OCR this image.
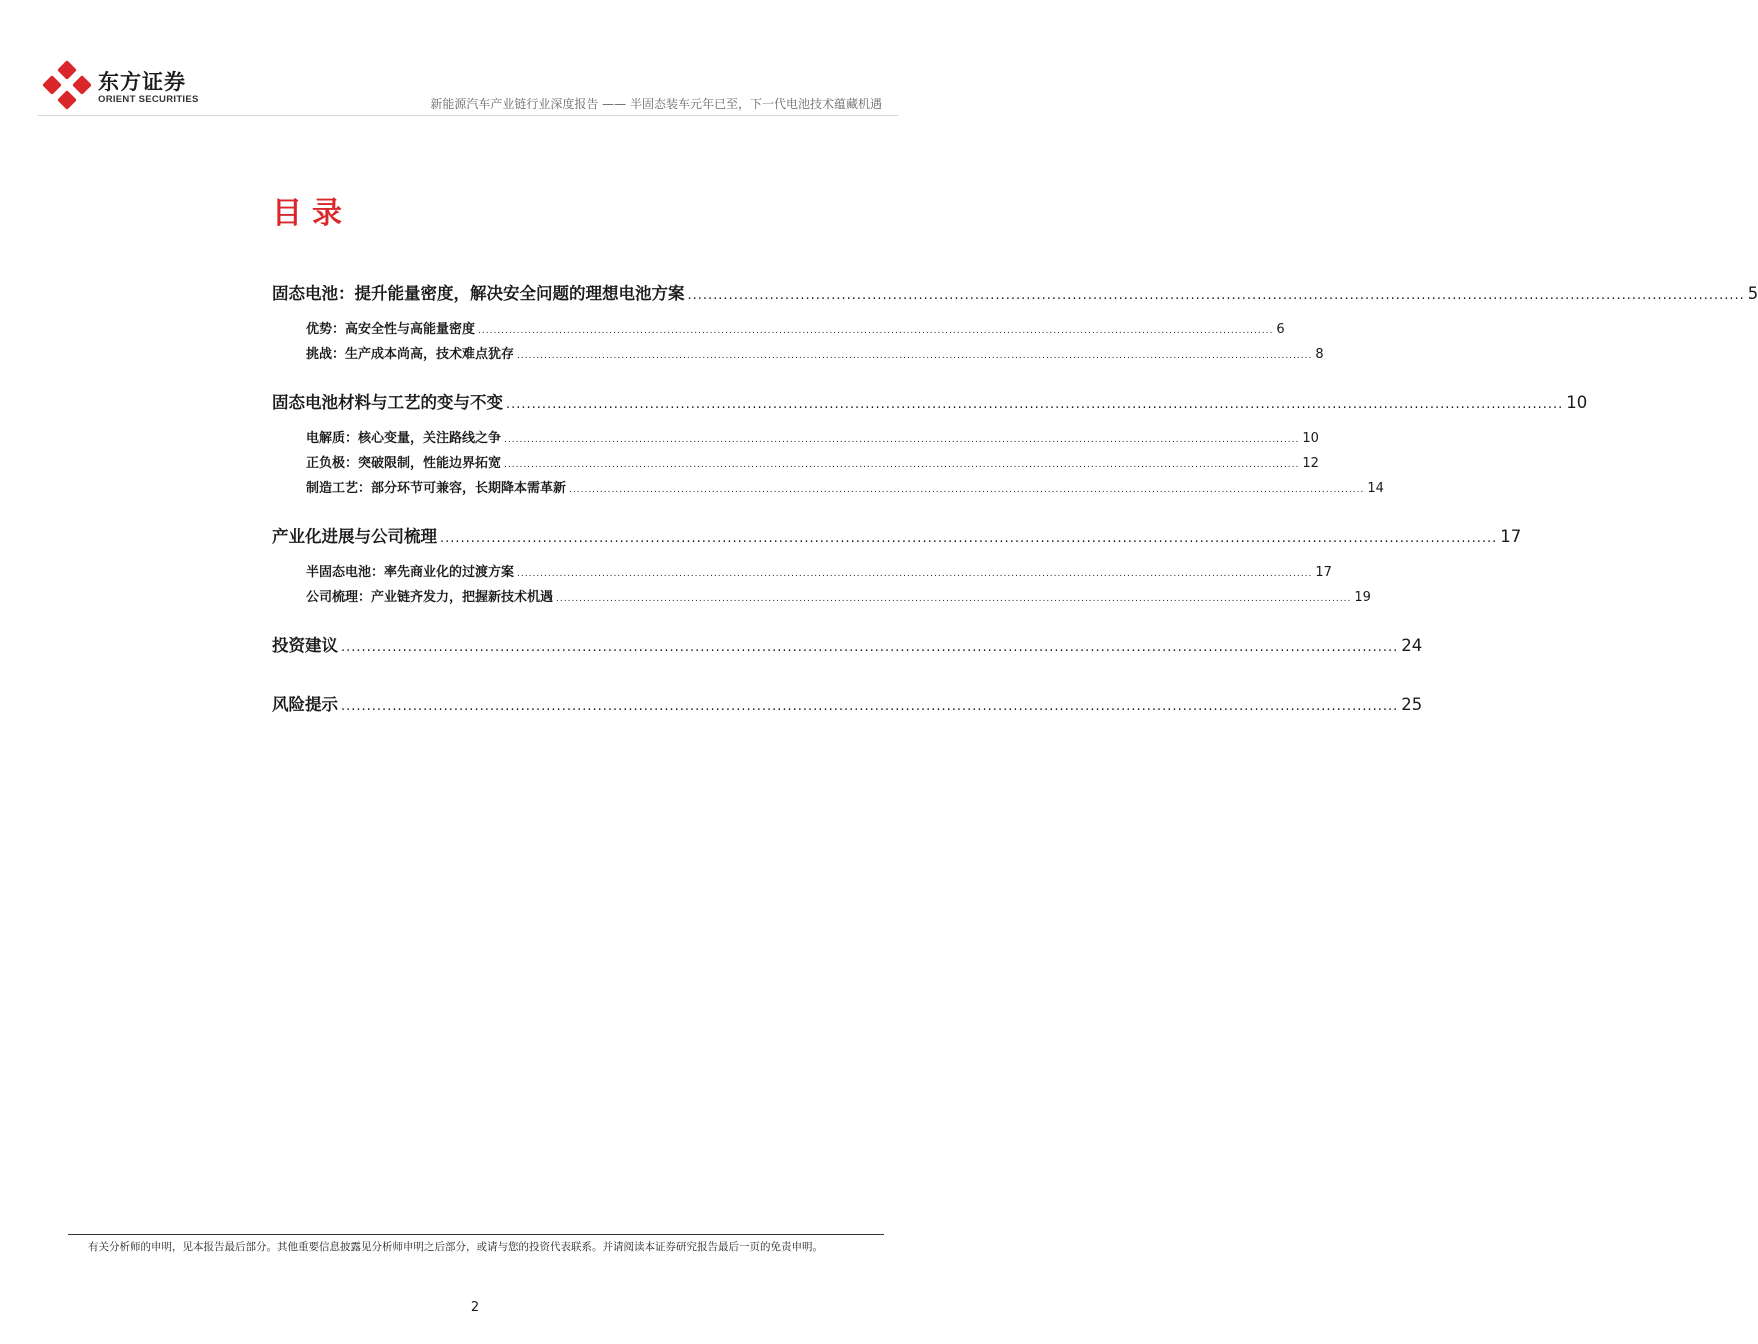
东方证券
ORIENT SECURITIES	新能源汽车产业链行业深度报告 —— 半固态装车元年已至，下一代电池技术蕴藏机遇
目录
固态电池：提升能量密度，解决安全问题的理想电池方案 .............................................................................................................................................................................................................. 5
优势：高安全性与高能量密度 .............................................................................................................................................................................................................. 6
挑战：生产成本尚高，技术难点犹存 .............................................................................................................................................................................................................. 8
固态电池材料与工艺的变与不变 .............................................................................................................................................................................................................. 10
电解质：核心变量，关注路线之争 .............................................................................................................................................................................................................. 10
正负极：突破限制，性能边界拓宽 .............................................................................................................................................................................................................. 12
制造工艺：部分环节可兼容，长期降本需革新 .............................................................................................................................................................................................................. 14
产业化进展与公司梳理 .............................................................................................................................................................................................................. 17
半固态电池：率先商业化的过渡方案 .............................................................................................................................................................................................................. 17
公司梳理：产业链齐发力，把握新技术机遇 .............................................................................................................................................................................................................. 19
投资建议 .............................................................................................................................................................................................................. 24
风险提示 .............................................................................................................................................................................................................. 25
有关分析师的申明，见本报告最后部分。其他重要信息披露见分析师申明之后部分，或请与您的投资代表联系。并请阅读本证券研究报告最后一页的免责申明。
2
